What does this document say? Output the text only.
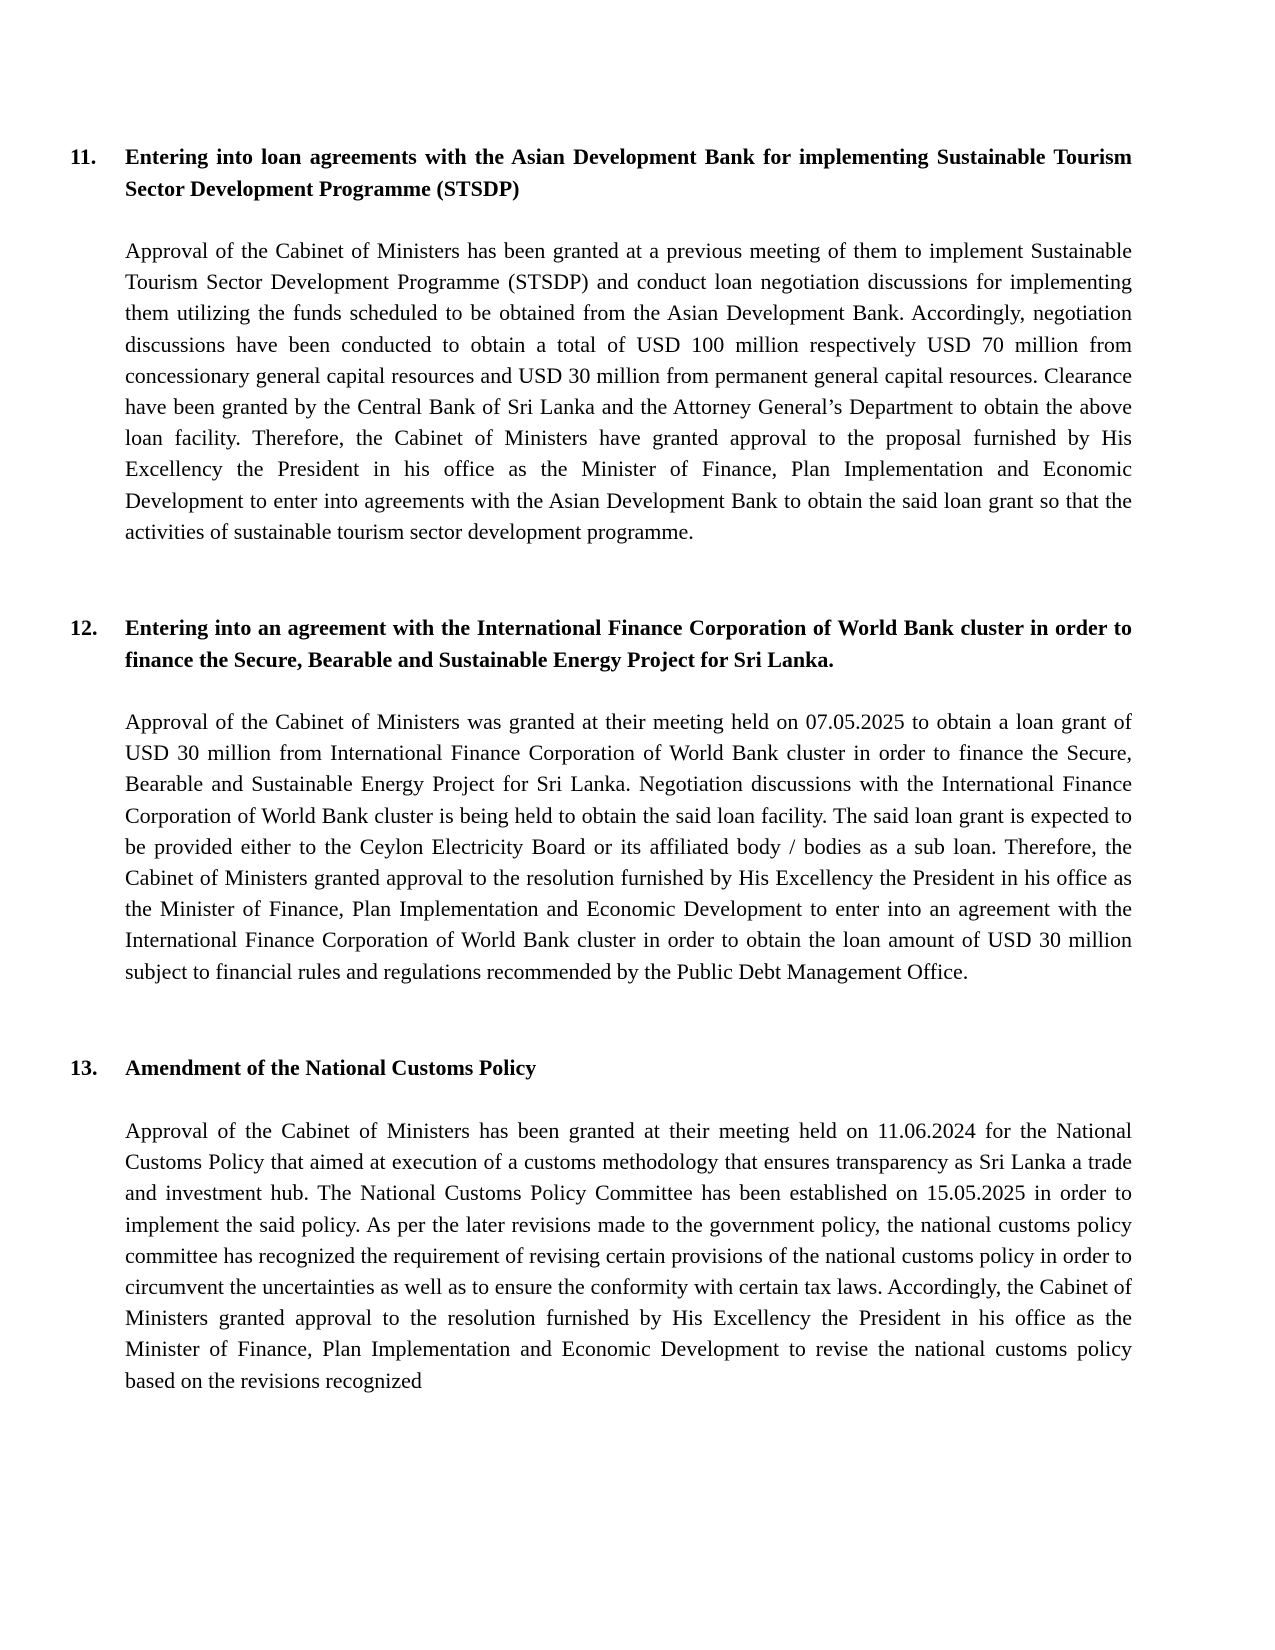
11. Entering into loan agreements with the Asian Development Bank for implementing Sustainable Tourism Sector Development Programme (STSDP)
Approval of the Cabinet of Ministers has been granted at a previous meeting of them to implement Sustainable Tourism Sector Development Programme (STSDP) and conduct loan negotiation discussions for implementing them utilizing the funds scheduled to be obtained from the Asian Development Bank. Accordingly, negotiation discussions have been conducted to obtain a total of USD 100 million respectively USD 70 million from concessionary general capital resources and USD 30 million from permanent general capital resources. Clearance have been granted by the Central Bank of Sri Lanka and the Attorney General’s Department to obtain the above loan facility. Therefore, the Cabinet of Ministers have granted approval to the proposal furnished by His Excellency the President in his office as the Minister of Finance, Plan Implementation and Economic Development to enter into agreements with the Asian Development Bank to obtain the said loan grant so that the activities of sustainable tourism sector development programme.
12. Entering into an agreement with the International Finance Corporation of World Bank cluster in order to finance the Secure, Bearable and Sustainable Energy Project for Sri Lanka.
Approval of the Cabinet of Ministers was granted at their meeting held on 07.05.2025 to obtain a loan grant of USD 30 million from International Finance Corporation of World Bank cluster in order to finance the Secure, Bearable and Sustainable Energy Project for Sri Lanka. Negotiation discussions with the International Finance Corporation of World Bank cluster is being held to obtain the said loan facility. The said loan grant is expected to be provided either to the Ceylon Electricity Board or its affiliated body / bodies as a sub loan. Therefore, the Cabinet of Ministers granted approval to the resolution furnished by His Excellency the President in his office as the Minister of Finance, Plan Implementation and Economic Development to enter into an agreement with the International Finance Corporation of World Bank cluster in order to obtain the loan amount of USD 30 million subject to financial rules and regulations recommended by the Public Debt Management Office.
13. Amendment of the National Customs Policy
Approval of the Cabinet of Ministers has been granted at their meeting held on 11.06.2024 for the National Customs Policy that aimed at execution of a customs methodology that ensures transparency as Sri Lanka a trade and investment hub. The National Customs Policy Committee has been established on 15.05.2025 in order to implement the said policy. As per the later revisions made to the government policy, the national customs policy committee has recognized the requirement of revising certain provisions of the national customs policy in order to circumvent the uncertainties as well as to ensure the conformity with certain tax laws. Accordingly, the Cabinet of Ministers granted approval to the resolution furnished by His Excellency the President in his office as the Minister of Finance, Plan Implementation and Economic Development to revise the national customs policy based on the revisions recognized
